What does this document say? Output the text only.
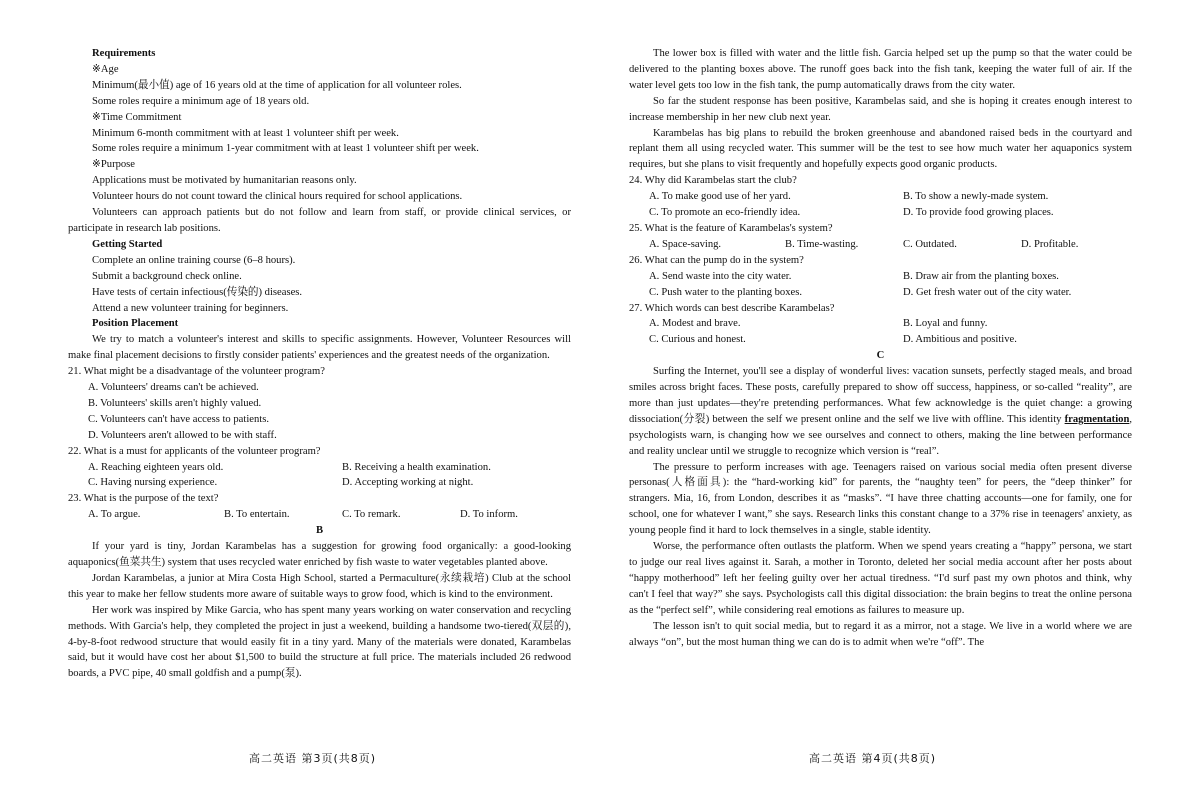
Requirements

※Age

Minimum(最小值) age of 16 years old at the time of application for all volunteer roles.

Some roles require a minimum age of 18 years old.

※Time Commitment

Minimum 6-month commitment with at least 1 volunteer shift per week.

Some roles require a minimum 1-year commitment with at least 1 volunteer shift per week.

※Purpose

Applications must be motivated by humanitarian reasons only.

Volunteer hours do not count toward the clinical hours required for school applications.

Volunteers can approach patients but do not follow and learn from staff, or provide clinical services, or participate in research lab positions.

Getting Started

Complete an online training course (6–8 hours).

Submit a background check online.

Have tests of certain infectious(传染的) diseases.

Attend a new volunteer training for beginners.

Position Placement

We try to match a volunteer's interest and skills to specific assignments. However, Volunteer Resources will make final placement decisions to firstly consider patients' experiences and the greatest needs of the organization.

21. What might be a disadvantage of the volunteer program?

A. Volunteers' dreams can't be achieved.

B. Volunteers' skills aren't highly valued.

C. Volunteers can't have access to patients.

D. Volunteers aren't allowed to be with staff.

22. What is a must for applicants of the volunteer program?

A. Reaching eighteen years old.	B. Receiving a health examination.
C. Having nursing experience.	D. Accepting working at night.

23. What is the purpose of the text?

A. To argue.	B. To entertain.	C. To remark.	D. To inform.

B

If your yard is tiny, Jordan Karambelas has a suggestion for growing food organically: a good-looking aquaponics(鱼菜共生) system that uses recycled water enriched by fish waste to water vegetables planted above.

Jordan Karambelas, a junior at Mira Costa High School, started a Permaculture(永续栽培) Club at the school this year to make her fellow students more aware of suitable ways to grow food, which is kind to the environment.

Her work was inspired by Mike Garcia, who has spent many years working on water conservation and recycling methods. With Garcia's help, they completed the project in just a weekend, building a handsome two-tiered(双层的), 4-by-8-foot redwood structure that would easily fit in a tiny yard. Many of the materials were donated, Karambelas said, but it would have cost her about $1,500 to build the structure at full price. The materials included 26 redwood boards, a PVC pipe, 40 small goldfish and a pump(泵).

The lower box is filled with water and the little fish. Garcia helped set up the pump so that the water could be delivered to the planting boxes above. The runoff goes back into the fish tank, keeping the water full of air. If the water level gets too low in the fish tank, the pump automatically draws from the city water.

So far the student response has been positive, Karambelas said, and she is hoping it creates enough interest to increase membership in her new club next year.

Karambelas has big plans to rebuild the broken greenhouse and abandoned raised beds in the courtyard and replant them all using recycled water. This summer will be the test to see how much water her aquaponics system requires, but she plans to visit frequently and hopefully expects good organic products.

24. Why did Karambelas start the club?

A. To make good use of her yard.	B. To show a newly-made system.
C. To promote an eco-friendly idea.	D. To provide food growing places.

25. What is the feature of Karambelas's system?

A. Space-saving.	B. Time-wasting.	C. Outdated.	D. Profitable.

26. What can the pump do in the system?

A. Send waste into the city water.	B. Draw air from the planting boxes.
C. Push water to the planting boxes.	D. Get fresh water out of the city water.

27. Which words can best describe Karambelas?

A. Modest and brave.	B. Loyal and funny.
C. Curious and honest.	D. Ambitious and positive.

C

Surfing the Internet, you'll see a display of wonderful lives: vacation sunsets, perfectly staged meals, and broad smiles across bright faces. These posts, carefully prepared to show off success, happiness, or so-called “reality”, are more than just updates—they're pretending performances. What few acknowledge is the quiet change: a growing dissociation(分裂) between the self we present online and the self we live with offline. This identity fragmentation, psychologists warn, is changing how we see ourselves and connect to others, making the line between performance and reality unclear until we struggle to recognize which version is “real”.

The pressure to perform increases with age. Teenagers raised on various social media often present diverse personas(人格面具): the “hard-working kid” for parents, the “naughty teen” for peers, the “deep thinker” for strangers. Mia, 16, from London, describes it as “masks”. “I have three chatting accounts—one for family, one for school, one for whatever I want,” she says. Research links this constant change to a 37% rise in teenagers' anxiety, as young people find it hard to lock themselves in a single, stable identity.

Worse, the performance often outlasts the platform. When we spend years creating a “happy” persona, we start to judge our real lives against it. Sarah, a mother in Toronto, deleted her social media account after her posts about “happy motherhood” left her feeling guilty over her actual tiredness. “I'd surf past my own photos and think, why can't I feel that way?” she says. Psychologists call this digital dissociation: the brain begins to treat the online persona as the “perfect self”, while considering real emotions as failures to measure up.

The lesson isn't to quit social media, but to regard it as a mirror, not a stage. We live in a world where we are always “on”, but the most human thing we can do is to admit when we're “off”. The

高二英语 第3页(共8页)	高二英语 第4页(共8页)
